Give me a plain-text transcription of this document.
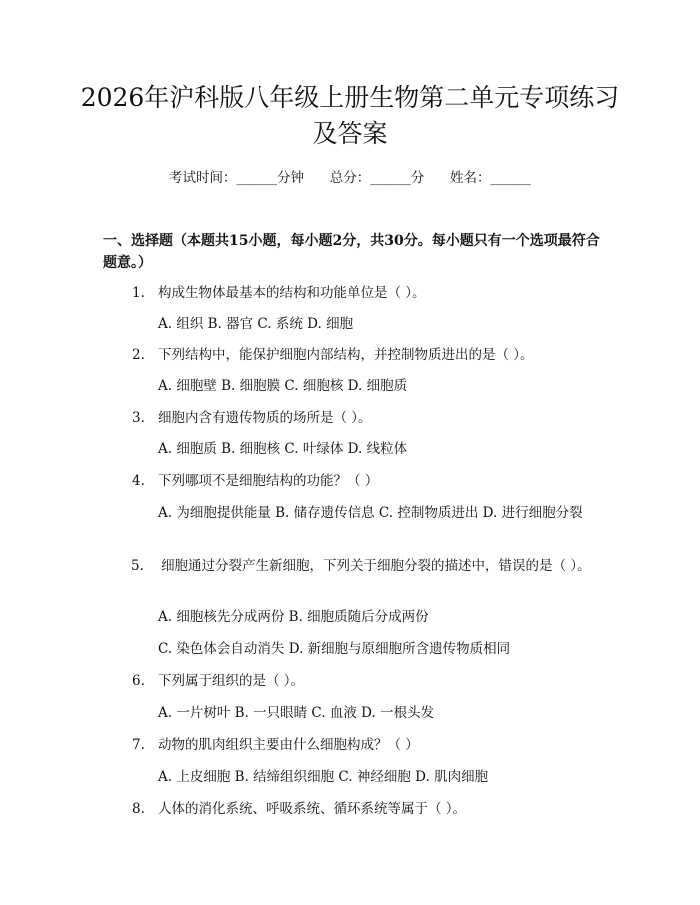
2026年沪科版八年级上册生物第二单元专项练习及答案
考试时间：______分钟      总分：______分      姓名：______
一、选择题（本题共15小题，每小题2分，共30分。每小题只有一个选项最符合题意。）
1. 构成生物体最基本的结构和功能单位是（ ）。
A. 组织 B. 器官 C. 系统 D. 细胞
2. 下列结构中，能保护细胞内部结构，并控制物质进出的是（ ）。
A. 细胞壁 B. 细胞膜 C. 细胞核 D. 细胞质
3. 细胞内含有遗传物质的场所是（ ）。
A. 细胞质 B. 细胞核 C. 叶绿体 D. 线粒体
4. 下列哪项不是细胞结构的功能？（ ）
A. 为细胞提供能量 B. 储存遗传信息 C. 控制物质进出 D. 进行细胞分裂
5. 细胞通过分裂产生新细胞，下列关于细胞分裂的描述中，错误的是（ ）。
A. 细胞核先分成两份 B. 细胞质随后分成两份
C. 染色体会自动消失 D. 新细胞与原细胞所含遗传物质相同
6. 下列属于组织的是（ ）。
A. 一片树叶 B. 一只眼睛 C. 血液 D. 一根头发
7. 动物的肌肉组织主要由什么细胞构成？（ ）
A. 上皮细胞 B. 结缔组织细胞 C. 神经细胞 D. 肌肉细胞
8. 人体的消化系统、呼吸系统、循环系统等属于（ ）。
